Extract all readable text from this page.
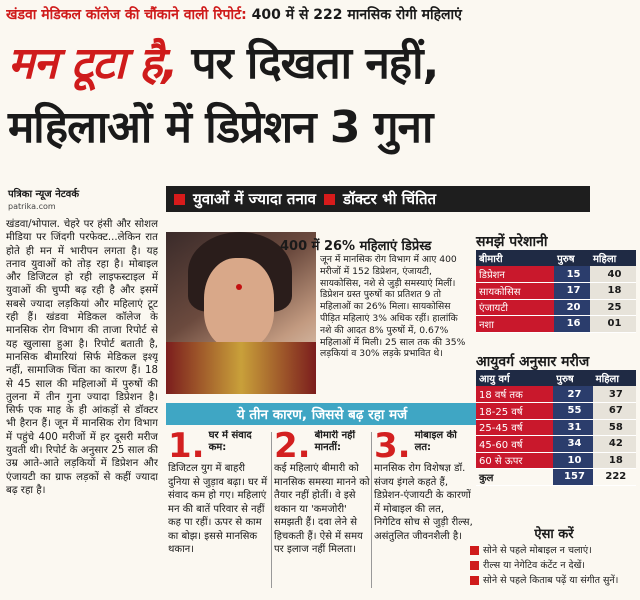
खंडवा मेडिकल कॉलेज की चौंकाने वाली रिपोर्ट: 400 में से 222 मानसिक रोगी महिलाएं
मन टूटा है, पर दिखता नहीं,
महिलाओं में डिप्रेशन 3 गुना
पत्रिका न्यूज नेटवर्क
patrika.com	युवाओं में ज्यादा तनाव डॉक्टर भी चिंतित
खंडवा/भोपाल. चेहरे पर हंसी और सोशल मीडिया पर जिंदगी परफेक्ट...लेकिन रात होते ही मन में भारीपन लगता है। यह तनाव युवाओं को तोड़ रहा है। मोबाइल और डिजिटल हो रही लाइफस्टाइल में युवाओं की चुप्पी बढ़ रही है और इसमें सबसे ज्यादा लड़कियां और महिलाएं टूट रही हैं। खंडवा मेडिकल कॉलेज के मानसिक रोग विभाग की ताजा रिपोर्ट से यह खुलासा हुआ है। रिपोर्ट बताती है, मानसिक बीमारियां सिर्फ मेडिकल इश्यू नहीं, सामाजिक चिंता का कारण हैं। 18 से 45 साल की महिलाओं में पुरुषों की तुलना में तीन गुना ज्यादा डिप्रेशन है। सिर्फ एक माह के ही आंकड़ों से डॉक्टर भी हैरान हैं। जून में मानसिक रोग विभाग में पहुंचे 400 मरीजों में हर दूसरी मरीज युवती थी। रिपोर्ट के अनुसार 25 साल की उम्र आते-आते लड़कियों में डिप्रेशन और एंजायटी का ग्राफ लड़कों से कहीं ज्यादा बढ़ रहा है।
400 में 26% महिलाएं डिप्रेस्ड
जून में मानसिक रोग विभाग में आए 400 मरीजों में 152 डिप्रेशन, एंजायटी, सायकोसिस, नशे से जुड़ी समस्याएं मिलीं। डिप्रेशन ग्रस्त पुरुषों का प्रतिशत 9 तो महिलाओं का 26% मिला। सायकोसिस पीड़ित महिलाएं 3% अधिक रहीं। हालांकि नशे की आदत 8% पुरुषों में, 0.67% महिलाओं में मिली। 25 साल तक की 35% लड़कियां व 30% लड़के प्रभावित थे।
ये तीन कारण, जिससे बढ़ रहा मर्ज
1. घर में संवाद कम:
डिजिटल युग में बाहरी दुनिया से जुड़ाव बढ़ा। घर में संवाद कम हो गए। महिलाएं मन की बातें परिवार से नहीं कह पा रहीं। ऊपर से काम का बोझ। इससे मानसिक थकान।
2. बीमारी नहीं मानतीं:
कई महिलाएं बीमारी को मानसिक समस्या मानने को तैयार नहीं होतीं। वे इसे थकान या 'कमजोरी' समझती हैं। दवा लेने से हिचकती हैं। ऐसे में समय पर इलाज नहीं मिलता।
3. मोबाइल की लत:
मानसिक रोग विशेषज्ञ डॉ. संजय इंगले कहते हैं, डिप्रेशन-एंजायटी के कारणों में मोबाइल की लत, निगेटिव सोच से जुड़ी रील्स, असंतुलित जीवनशैली है।
समझें परेशानी
बीमारी	पुरुष	महिला
डिप्रेशन	15	40
सायकोसिस	17	18
एंजायटी	20	25
नशा	16	01
आयुवर्ग अनुसार मरीज
आयु वर्ग	पुरुष	महिला
18 वर्ष तक	27	37
18-25 वर्ष	55	67
25-45 वर्ष	31	58
45-60 वर्ष	34	42
60 से ऊपर	10	18
कुल	157	222
ऐसा करें
सोने से पहले मोबाइल न चलाएं।
रील्स या नेगेटिव कंटेंट न देखें।
सोने से पहले किताब पढ़ें या संगीत सुनें।
